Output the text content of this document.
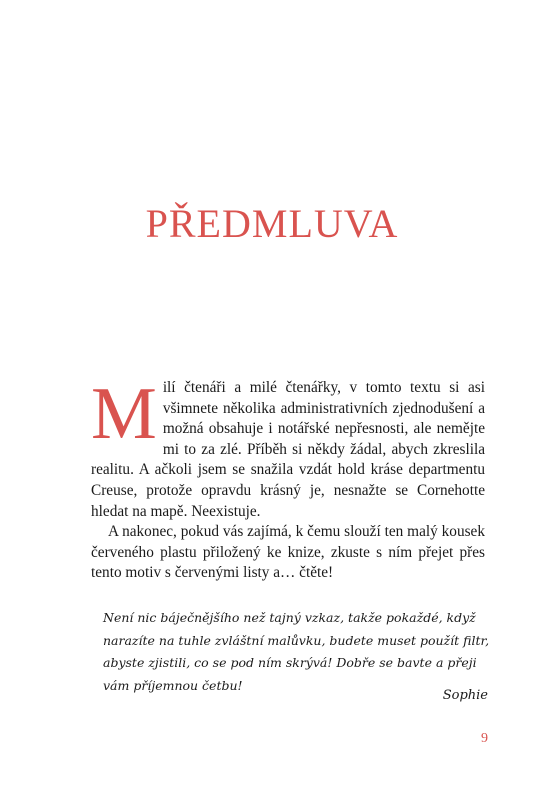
PŘEDMLUVA

Milí čtenáři a milé čtenářky, v tomto textu si asi všimnete několika administrativních zjednodušení a možná obsahuje i notářské nepřesnosti, ale nemějte mi to za zlé. Příběh si někdy žádal, abych zkreslila realitu. A ačkoli jsem se snažila vzdát hold kráse departmentu Creuse, protože opravdu krásný je, nesnažte se Cornehotte hledat na mapě. Neexistuje.

A nakonec, pokud vás zajímá, k čemu slouží ten malý kousek červeného plastu přiložený ke knize, zkuste s ním přejet přes tento motiv s červenými listy a… čtěte!

Není nic báječnějšího než tajný vzkaz, takže pokaždé, když narazíte na tuhle zvláštní malůvku, budete muset použít filtr, abyste zjistili, co se pod ním skrývá! Dobře se bavte a přeji vám příjemnou četbu!

Sophie

9
